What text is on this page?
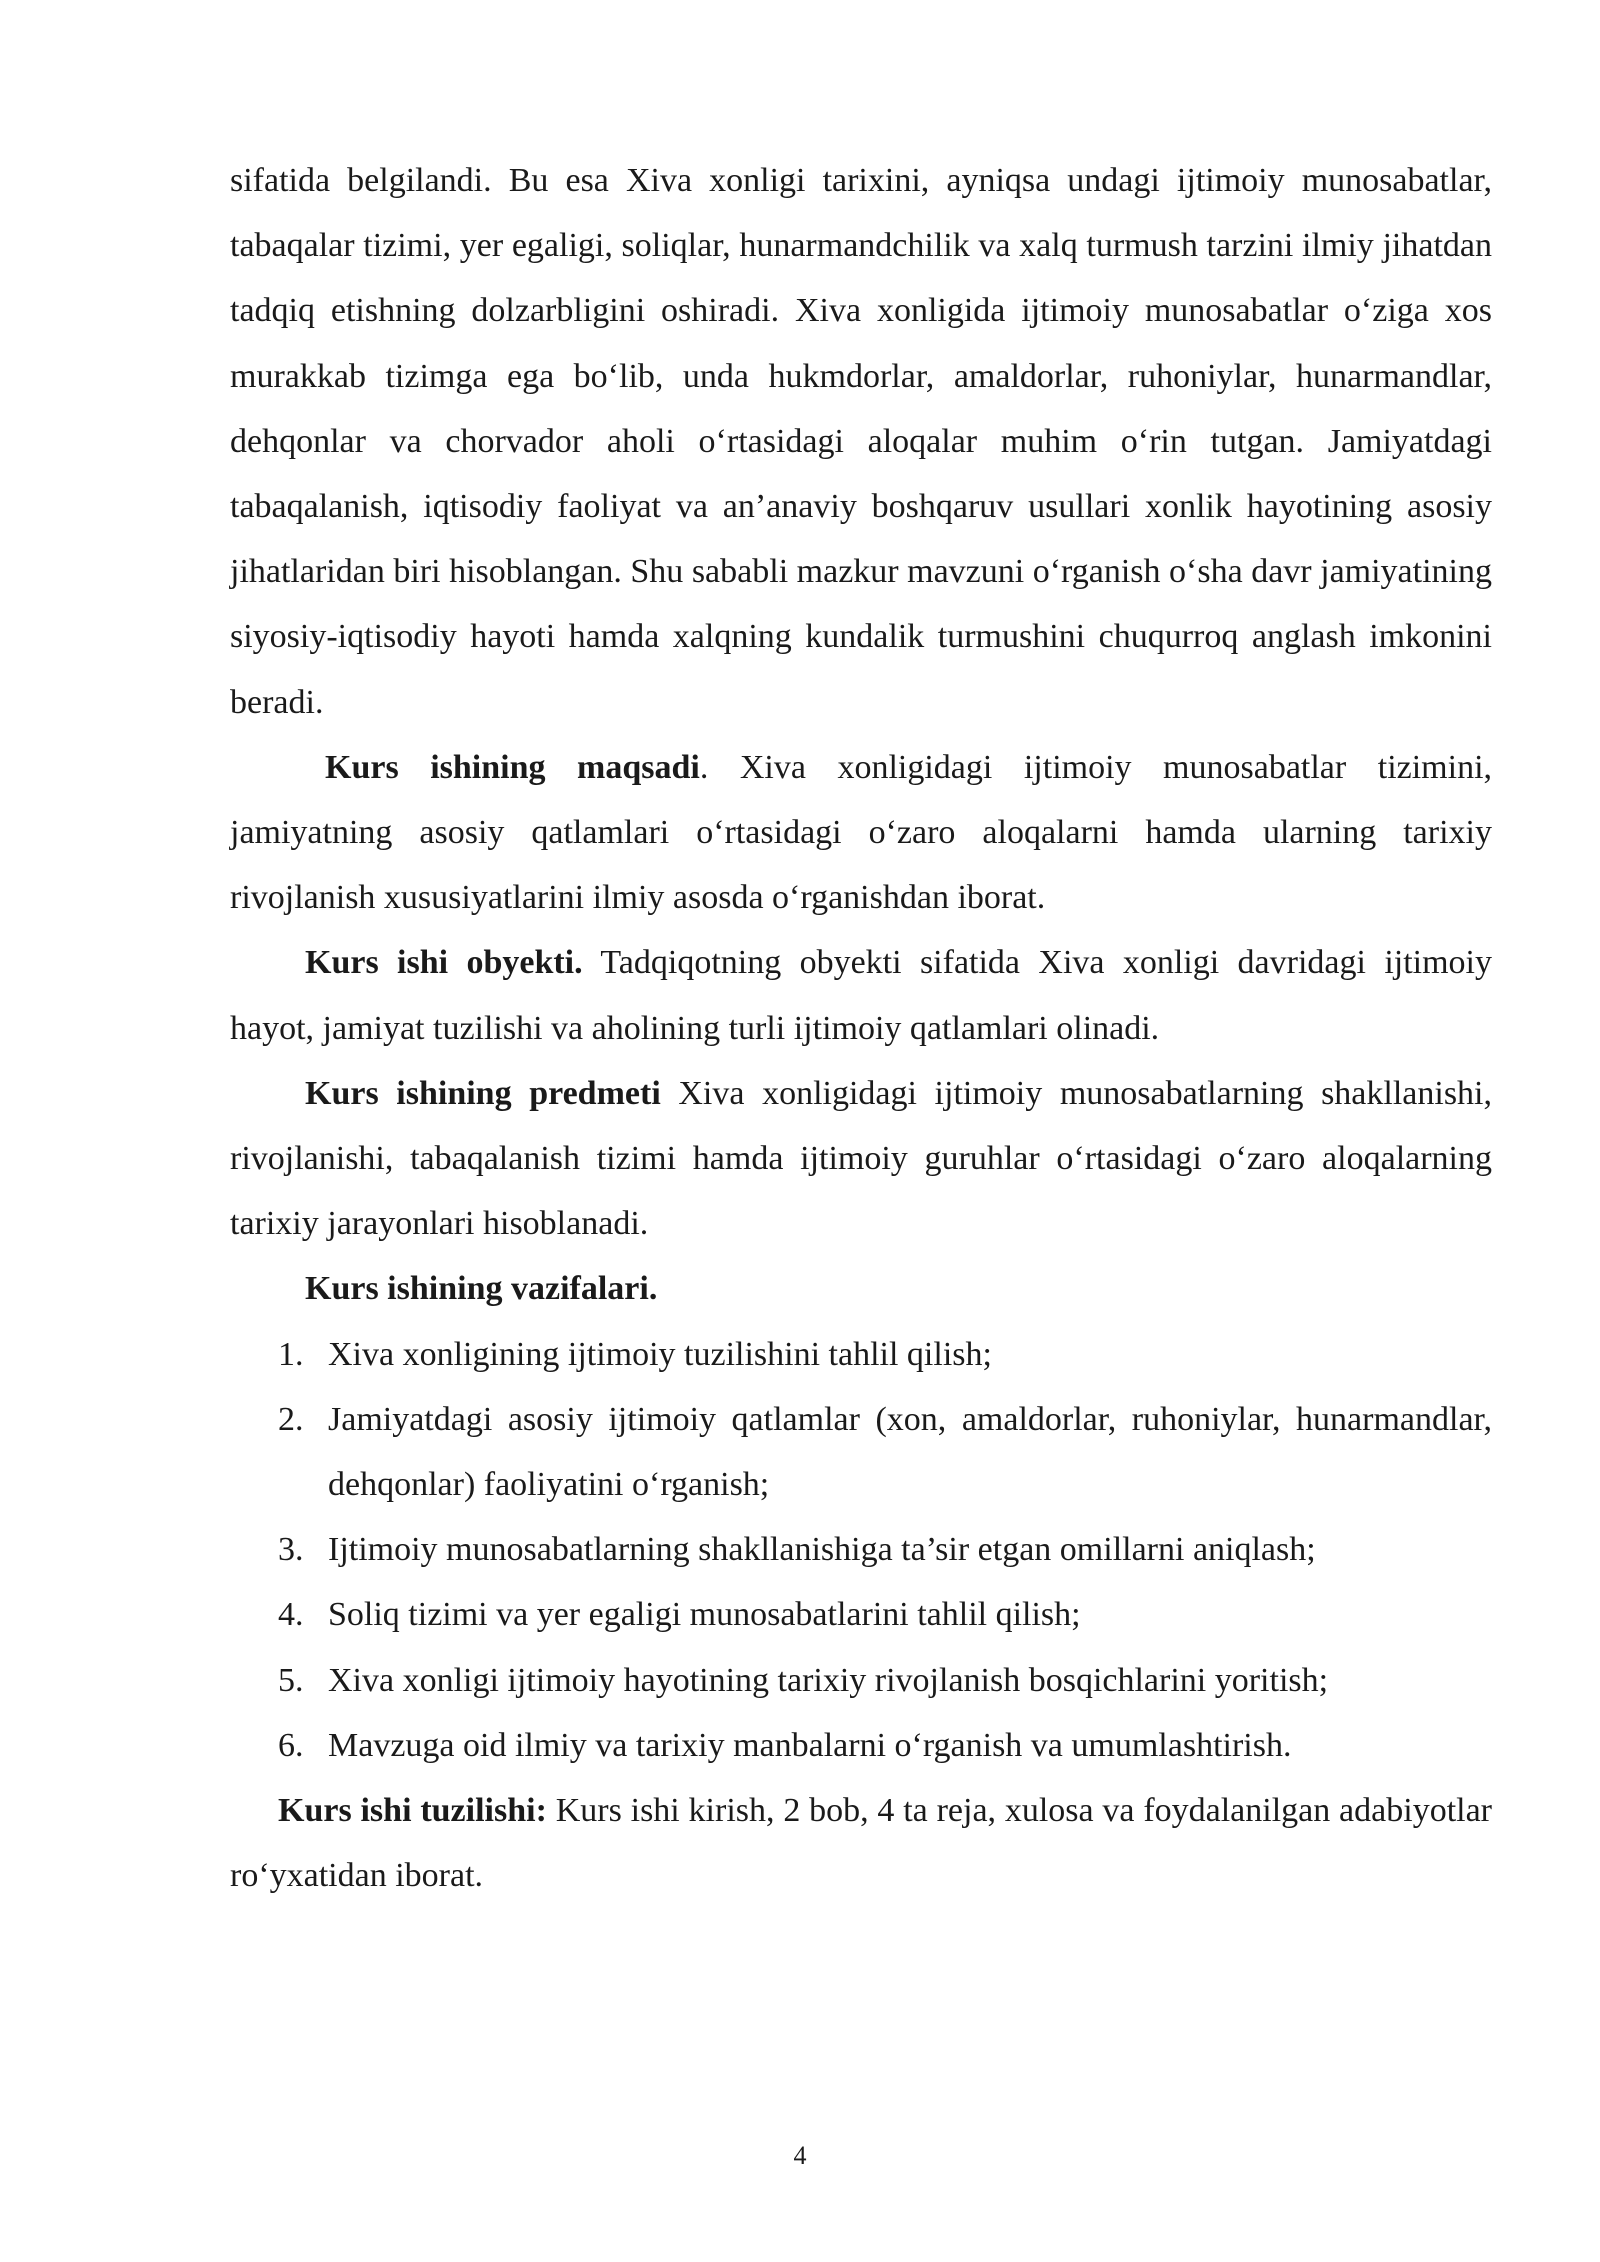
sifatida belgilandi. Bu esa Xiva xonligi tarixini, ayniqsa undagi ijtimoiy munosabatlar, tabaqalar tizimi, yer egaligi, soliqlar, hunarmandchilik va xalq turmush tarzini ilmiy jihatdan tadqiq etishning dolzarbligini oshiradi. Xiva xonligida ijtimoiy munosabatlar o‘ziga xos murakkab tizimga ega bo‘lib, unda hukmdorlar, amaldorlar, ruhoniylar, hunarmandlar, dehqonlar va chorvador aholi o‘rtasidagi aloqalar muhim o‘rin tutgan. Jamiyatdagi tabaqalanish, iqtisodiy faoliyat va an’anaviy boshqaruv usullari xonlik hayotining asosiy jihatlaridan biri hisoblangan. Shu sababli mazkur mavzuni o‘rganish o‘sha davr jamiyatining siyosiy-iqtisodiy hayoti hamda xalqning kundalik turmushini chuqurroq anglash imkonini beradi.

Kurs ishining maqsadi. Xiva xonligidagi ijtimoiy munosabatlar tizimini, jamiyatning asosiy qatlamlari o‘rtasidagi o‘zaro aloqalarni hamda ularning tarixiy rivojlanish xususiyatlarini ilmiy asosda o‘rganishdan iborat.

Kurs ishi obyekti. Tadqiqotning obyekti sifatida Xiva xonligi davridagi ijtimoiy hayot, jamiyat tuzilishi va aholining turli ijtimoiy qatlamlari olinadi.

Kurs ishining predmeti Xiva xonligidagi ijtimoiy munosabatlarning shakllanishi, rivojlanishi, tabaqalanish tizimi hamda ijtimoiy guruhlar o‘rtasidagi o‘zaro aloqalarning tarixiy jarayonlari hisoblanadi.

Kurs ishining vazifalari.

1. Xiva xonligining ijtimoiy tuzilishini tahlil qilish;
2. Jamiyatdagi asosiy ijtimoiy qatlamlar (xon, amaldorlar, ruhoniylar, hunarmandlar, dehqonlar) faoliyatini o‘rganish;
3. Ijtimoiy munosabatlarning shakllanishiga ta’sir etgan omillarni aniqlash;
4. Soliq tizimi va yer egaligi munosabatlarini tahlil qilish;
5. Xiva xonligi ijtimoiy hayotining tarixiy rivojlanish bosqichlarini yoritish;
6. Mavzuga oid ilmiy va tarixiy manbalarni o‘rganish va umumlashtirish.

Kurs ishi tuzilishi: Kurs ishi kirish, 2 bob, 4 ta reja, xulosa va foydalanilgan adabiyotlar ro‘yxatidan iborat.

4
